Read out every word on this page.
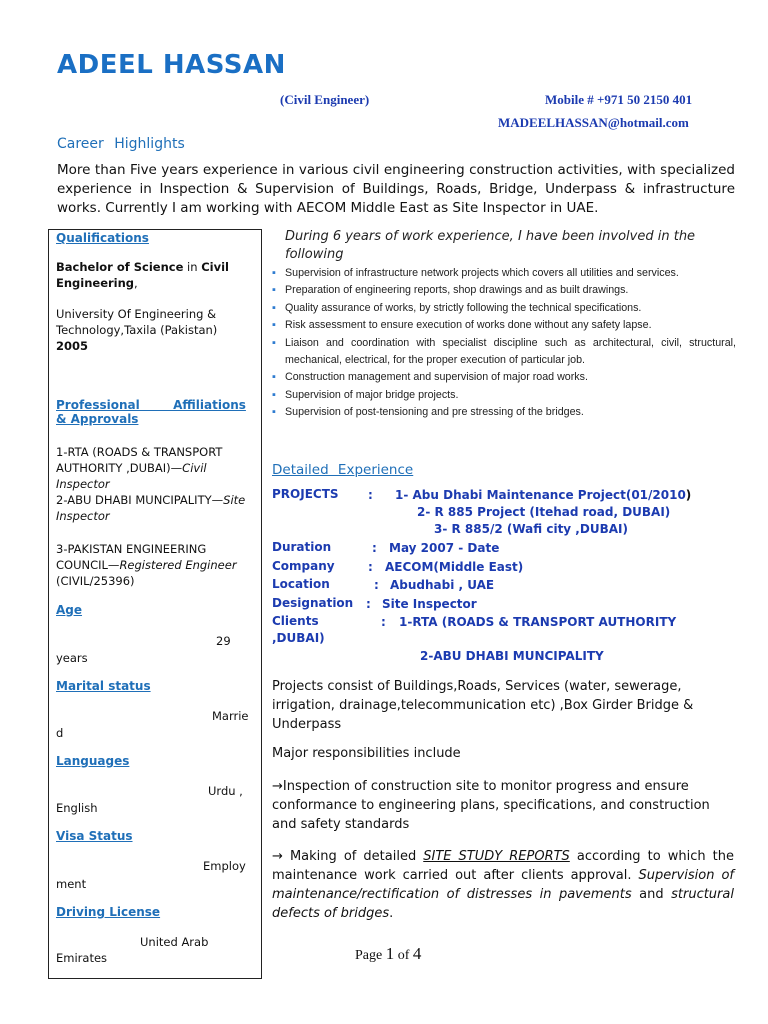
ADEEL HASSAN
(Civil Engineer)	Mobile # +971 50 2150 401
MADEELHASSAN@hotmail.com
Career Highlights
More than Five years experience in various civil engineering construction activities, with specialized experience in Inspection & Supervision of Buildings, Roads, Bridge, Underpass & infrastructure works. Currently I am working with AECOM Middle East as Site Inspector in UAE.
Qualifications
Bachelor of Science in Civil Engineering,
University Of Engineering & Technology,Taxila (Pakistan)
2005
Professional        Affiliations
& Approvals
1-RTA (ROADS & TRANSPORT AUTHORITY ,DUBAI)—Civil Inspector
2-ABU DHABI MUNCIPALITY—Site Inspector
3-PAKISTAN ENGINEERING COUNCIL—Registered Engineer (CIVIL/25396)
Age
29
years
Marital status
Marrie
d
Languages
Urdu ,
English
Visa Status
Employ
ment
Driving License
United Arab
Emirates
During 6 years of work experience, I have been involved in the following
▪ Supervision of infrastructure network projects which covers all utilities and services.
▪ Preparation of engineering reports, shop drawings and as built drawings.
▪ Quality assurance of works, by strictly following the technical specifications.
▪ Risk assessment to ensure execution of works done without any safety lapse.
▪ Liaison and coordination with specialist discipline such as architectural, civil, structural, mechanical, electrical, for the proper execution of particular job.
▪ Construction management and supervision of major road works.
▪ Supervision of major bridge projects.
▪ Supervision of post-tensioning and pre stressing of the bridges.
Detailed Experience
PROJECTS : 1- Abu Dhabi Maintenance Project(01/2010)
2- R 885 Project (Itehad road, DUBAI)
3- R 885/2 (Wafi city ,DUBAI)
Duration	: May 2007 - Date
Company	: AECOM(Middle East)
Location	: Abudhabi , UAE
Designation : Site Inspector
Clients	: 1-RTA (ROADS & TRANSPORT AUTHORITY
,DUBAI)
2-ABU DHABI MUNCIPALITY
Projects consist of Buildings,Roads, Services (water, sewerage, irrigation, drainage,telecommunication etc) ,Box Girder Bridge & Underpass
Major responsibilities include
→Inspection of construction site to monitor progress and ensure conformance to engineering plans, specifications, and construction and safety standards
→ Making of detailed SITE STUDY REPORTS according to which the maintenance work carried out after clients approval. Supervision of maintenance/rectification of distresses in pavements and structural defects of bridges.
Page 1 of 4
